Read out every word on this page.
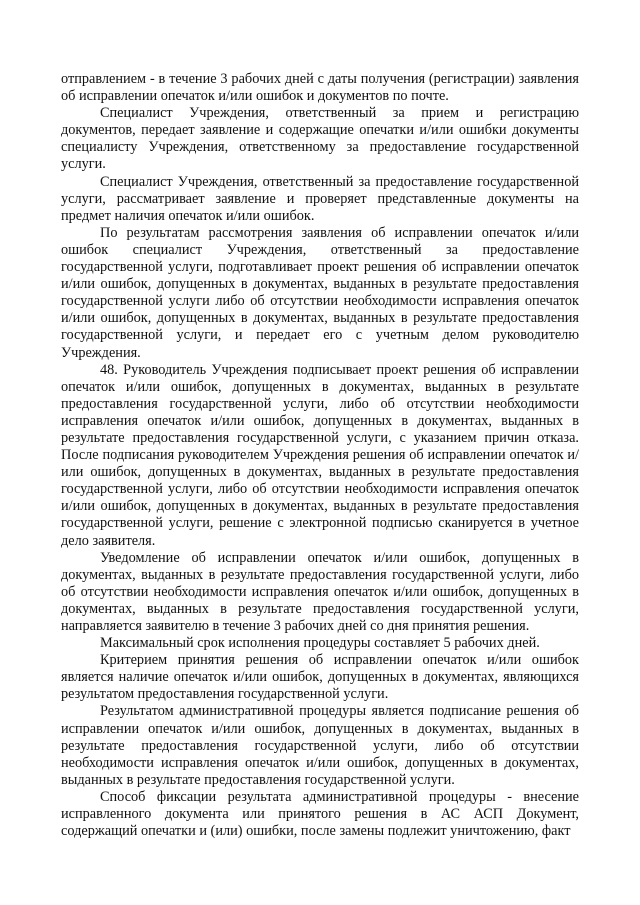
отправлением - в течение 3 рабочих дней с даты получения (регистрации) заявления об исправлении опечаток и/или ошибок и документов по почте.

Специалист Учреждения, ответственный за прием и регистрацию документов, передает заявление и содержащие опечатки и/или ошибки документы специалисту Учреждения, ответственному за предоставление государственной услуги.

Специалист Учреждения, ответственный за предоставление государственной услуги, рассматривает заявление и проверяет представленные документы на предмет наличия опечаток и/или ошибок.

По результатам рассмотрения заявления об исправлении опечаток и/или ошибок специалист Учреждения, ответственный за предоставление государственной услуги, подготавливает проект решения об исправлении опечаток и/или ошибок, допущенных в документах, выданных в результате предоставления государственной услуги либо об отсутствии необходимости исправления опечаток и/или ошибок, допущенных в документах, выданных в результате предоставления государственной услуги, и передает его с учетным делом руководителю Учреждения.

48. Руководитель Учреждения подписывает проект решения об исправлении опечаток и/или ошибок, допущенных в документах, выданных в результате предоставления государственной услуги, либо об отсутствии необходимости исправления опечаток и/или ошибок, допущенных в документах, выданных в результате предоставления государственной услуги, с указанием причин отказа. После подписания руководителем Учреждения решения об исправлении опечаток и/или ошибок, допущенных в документах, выданных в результате предоставления государственной услуги, либо об отсутствии необходимости исправления опечаток и/или ошибок, допущенных в документах, выданных в результате предоставления государственной услуги, решение с электронной подписью сканируется в учетное дело заявителя.

Уведомление об исправлении опечаток и/или ошибок, допущенных в документах, выданных в результате предоставления государственной услуги, либо об отсутствии необходимости исправления опечаток и/или ошибок, допущенных в документах, выданных в результате предоставления государственной услуги, направляется заявителю в течение 3 рабочих дней со дня принятия решения.

Максимальный срок исполнения процедуры составляет 5 рабочих дней.

Критерием принятия решения об исправлении опечаток и/или ошибок является наличие опечаток и/или ошибок, допущенных в документах, являющихся результатом предоставления государственной услуги.

Результатом административной процедуры является подписание решения об исправлении опечаток и/или ошибок, допущенных в документах, выданных в результате предоставления государственной услуги, либо об отсутствии необходимости исправления опечаток и/или ошибок, допущенных в документах, выданных в результате предоставления государственной услуги.

Способ фиксации результата административной процедуры - внесение исправленного документа или принятого решения в АС АСП Документ, содержащий опечатки и (или) ошибки, после замены подлежит уничтожению, факт
